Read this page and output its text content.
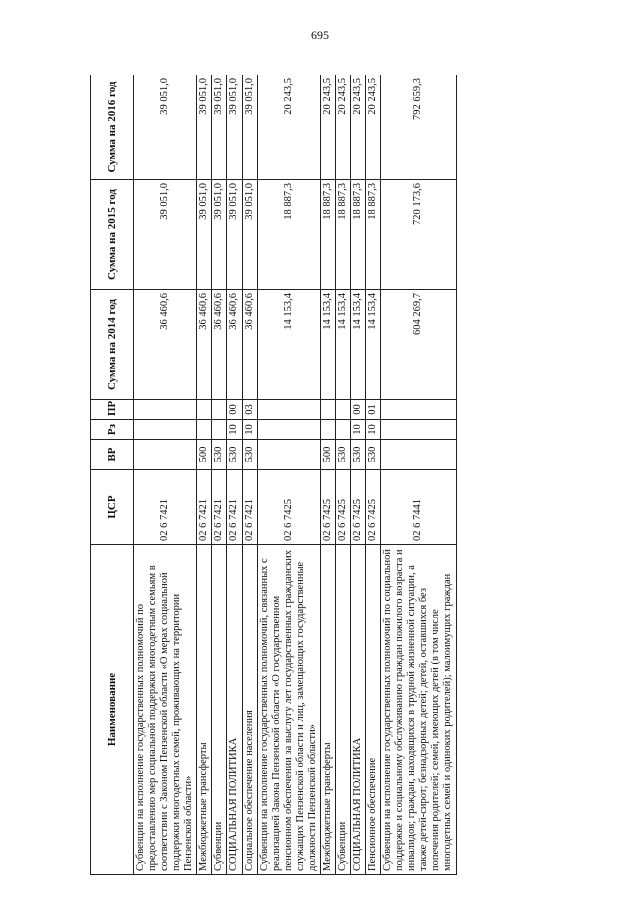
695
Наименование	ЦСР	ВР	Рз	ПР	Сумма на 2014 год	Сумма на 2015 год	Сумма на 2016 год
Субвенции на исполнение государственных полномочий по предоставлению мер социальной поддержки многодетным семьям в соответствии с Законом Пензенской области «О мерах социальной поддержки многодетных семей, проживающих на территории Пензенской области»	02 6 7421				36 460,6	39 051,0	39 051,0
Межбюджетные трансферты	02 6 7421	500			36 460,6	39 051,0	39 051,0
Субвенции	02 6 7421	530			36 460,6	39 051,0	39 051,0
СОЦИАЛЬНАЯ ПОЛИТИКА	02 6 7421	530	10	00	36 460,6	39 051,0	39 051,0
Социальное обеспечение населения	02 6 7421	530	10	03	36 460,6	39 051,0	39 051,0
Субвенции на исполнение государственных полномочий, связанных с реализацией Закона Пензенской области «О государственном пенсионном обеспечении за выслугу лет государственных гражданских служащих Пензенской области и лиц, замещающих государственные должности Пензенской области»	02 6 7425				14 153,4	18 887,3	20 243,5
Межбюджетные трансферты	02 6 7425	500			14 153,4	18 887,3	20 243,5
Субвенции	02 6 7425	530			14 153,4	18 887,3	20 243,5
СОЦИАЛЬНАЯ ПОЛИТИКА	02 6 7425	530	10	00	14 153,4	18 887,3	20 243,5
Пенсионное обеспечение	02 6 7425	530	10	01	14 153,4	18 887,3	20 243,5
Субвенции на исполнение государственных полномочий по социальной поддержке и социальному обслуживанию граждан пожилого возраста и инвалидов; граждан, находящихся в трудной жизненной ситуации, а также детей-сирот; безнадзорных детей; детей, оставшихся без попечения родителей; семей, имеющих детей (в том числе многодетных семей и одиноких родителей); малоимущих граждан	02 6 7441				604 269,7	720 173,6	792 659,3
